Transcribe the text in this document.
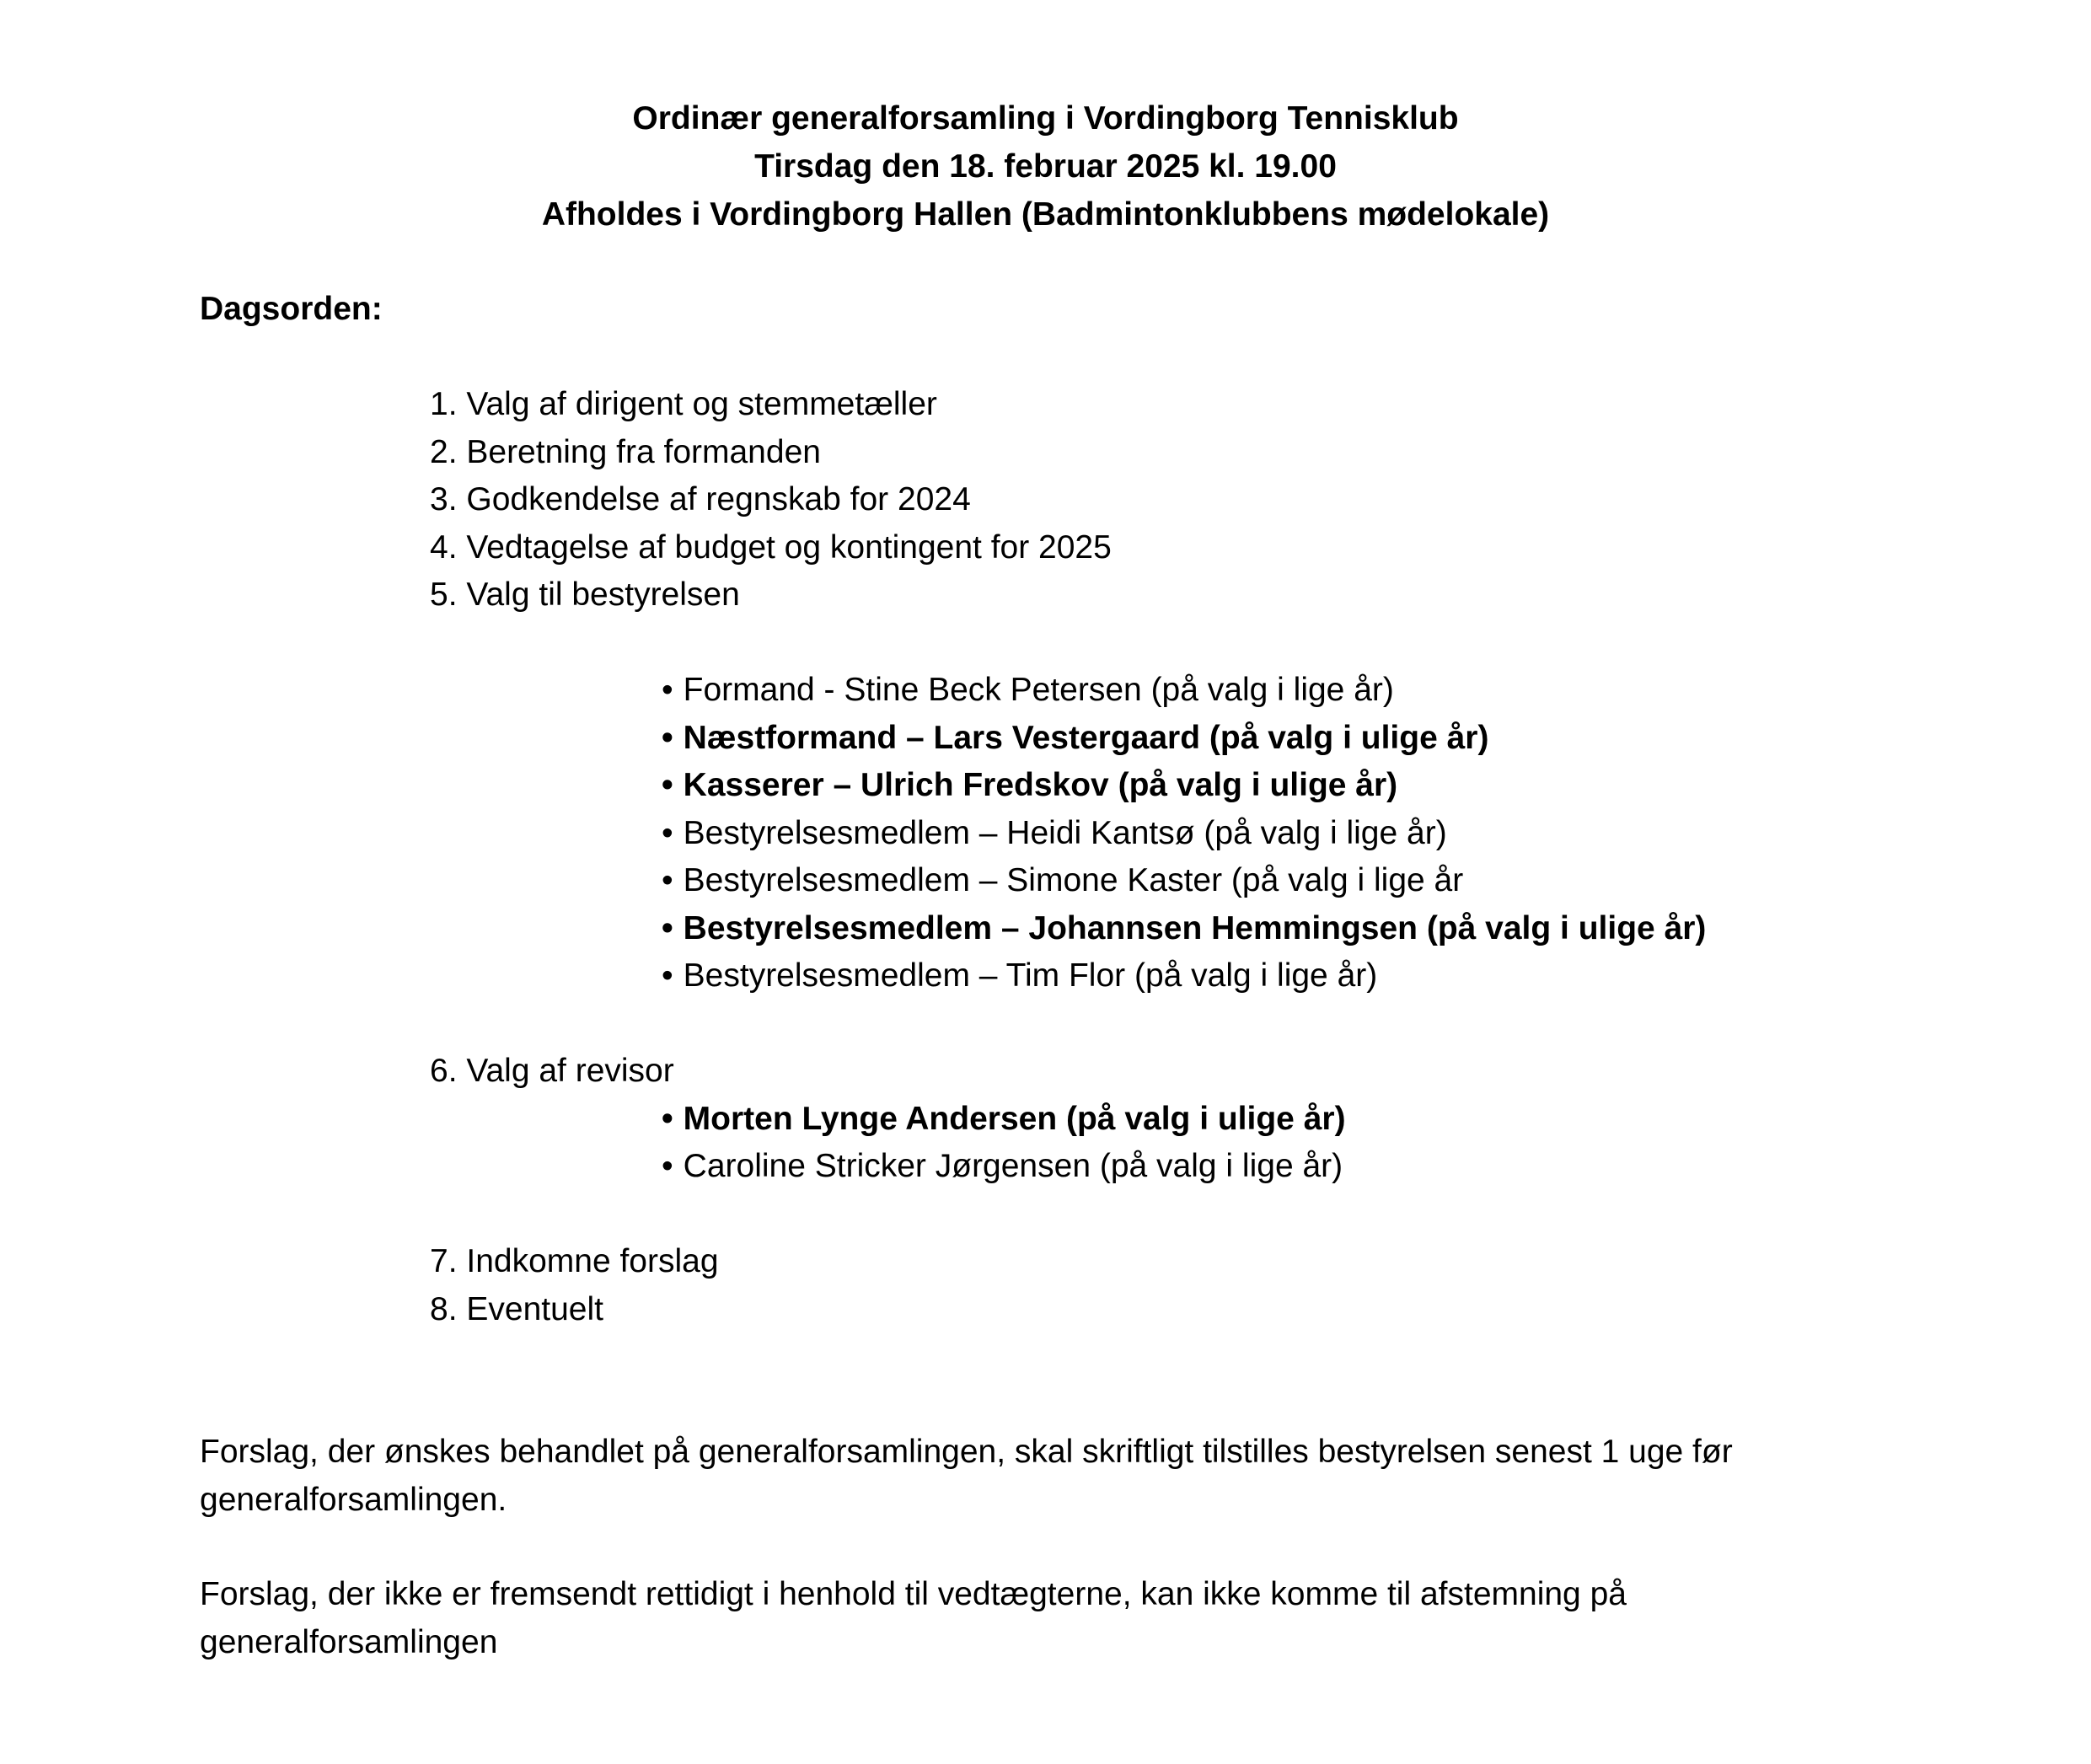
Ordinær generalforsamling i Vordingborg Tennisklub
Tirsdag den 18. februar 2025 kl. 19.00
Afholdes i Vordingborg Hallen (Badmintonklubbens mødelokale)
Dagsorden:
1. Valg af dirigent og stemmetæller
2. Beretning fra formanden
3. Godkendelse af regnskab for 2024
4. Vedtagelse af budget og kontingent for 2025
5. Valg til bestyrelsen
• Formand - Stine Beck Petersen (på valg i lige år)
• Næstformand – Lars Vestergaard (på valg i ulige år)
• Kasserer – Ulrich Fredskov (på valg i ulige år)
• Bestyrelsesmedlem – Heidi Kantsø (på valg i lige år)
• Bestyrelsesmedlem – Simone Kaster (på valg i lige år
• Bestyrelsesmedlem – Johannsen Hemmingsen (på valg i ulige år)
• Bestyrelsesmedlem – Tim Flor (på valg i lige år)
6. Valg af revisor
• Morten Lynge Andersen (på valg i ulige år)
• Caroline Stricker Jørgensen (på valg i lige år)
7. Indkomne forslag
8. Eventuelt
Forslag, der ønskes behandlet på generalforsamlingen, skal skriftligt tilstilles bestyrelsen senest 1 uge før generalforsamlingen.
Forslag, der ikke er fremsendt rettidigt i henhold til vedtægterne, kan ikke komme til afstemning på generalforsamlingen
